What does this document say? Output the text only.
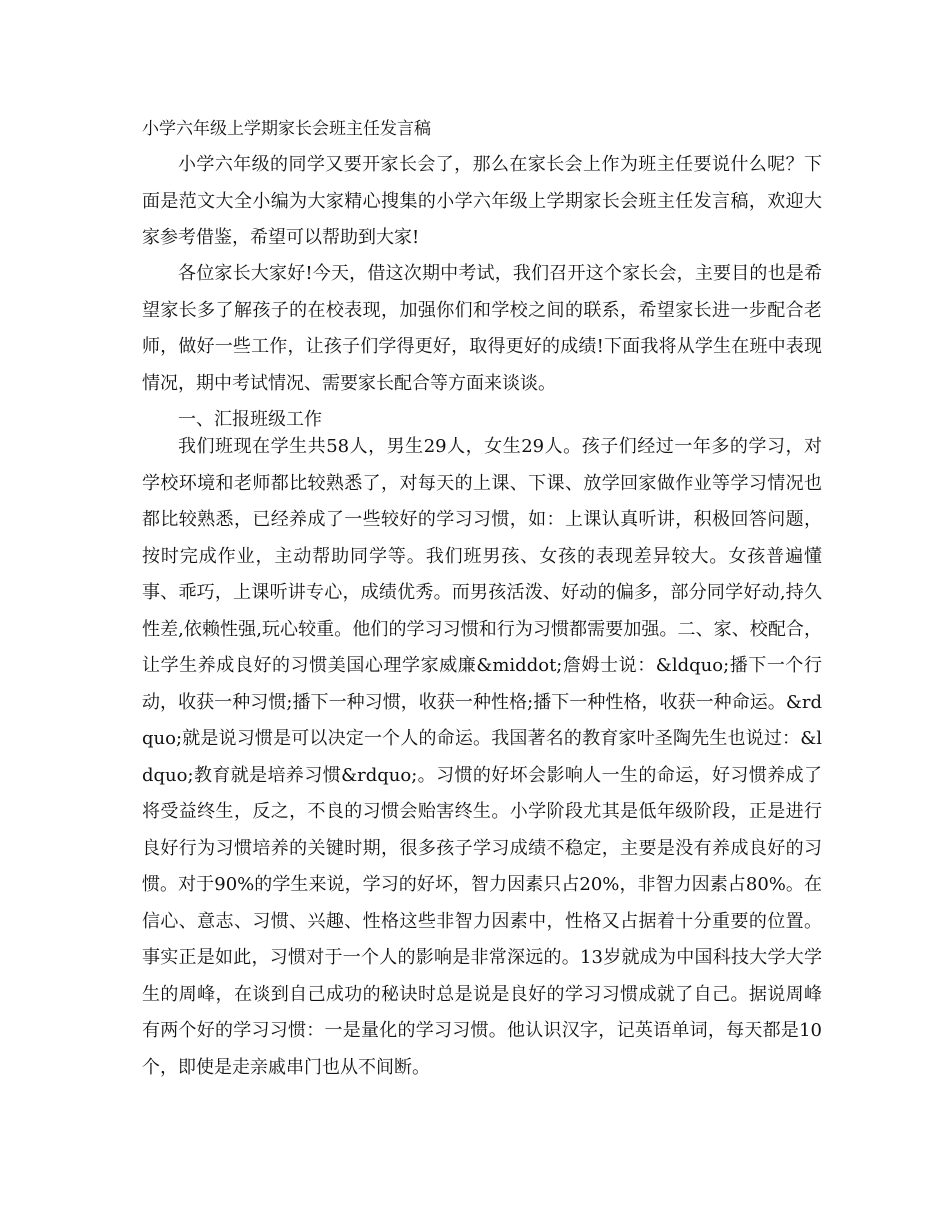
小学六年级上学期家长会班主任发言稿

小学六年级的同学又要开家长会了，那么在家长会上作为班主任要说什么呢？下面是范文大全小编为大家精心搜集的小学六年级上学期家长会班主任发言稿，欢迎大家参考借鉴，希望可以帮助到大家!

各位家长大家好!今天，借这次期中考试，我们召开这个家长会，主要目的也是希望家长多了解孩子的在校表现，加强你们和学校之间的联系，希望家长进一步配合老师，做好一些工作，让孩子们学得更好，取得更好的成绩!下面我将从学生在班中表现情况，期中考试情况、需要家长配合等方面来谈谈。

一、汇报班级工作

我们班现在学生共58人，男生29人，女生29人。孩子们经过一年多的学习，对学校环境和老师都比较熟悉了，对每天的上课、下课、放学回家做作业等学习情况也都比较熟悉，已经养成了一些较好的学习习惯，如：上课认真听讲，积极回答问题，按时完成作业，主动帮助同学等。我们班男孩、女孩的表现差异较大。女孩普遍懂事、乖巧，上课听讲专心，成绩优秀。而男孩活泼、好动的偏多，部分同学好动,持久性差,依赖性强,玩心较重。他们的学习习惯和行为习惯都需要加强。二、家、校配合，让学生养成良好的习惯美国心理学家威廉&middot;詹姆士说：&ldquo;播下一个行动，收获一种习惯;播下一种习惯，收获一种性格;播下一种性格，收获一种命运。&rdquo;就是说习惯是可以决定一个人的命运。我国著名的教育家叶圣陶先生也说过：&ldquo;教育就是培养习惯&rdquo;。习惯的好坏会影响人一生的命运，好习惯养成了将受益终生，反之，不良的习惯会贻害终生。小学阶段尤其是低年级阶段，正是进行良好行为习惯培养的关键时期，很多孩子学习成绩不稳定，主要是没有养成良好的习惯。对于90%的学生来说，学习的好坏，智力因素只占20%，非智力因素占80%。在信心、意志、习惯、兴趣、性格这些非智力因素中，性格又占据着十分重要的位置。事实正是如此，习惯对于一个人的影响是非常深远的。13岁就成为中国科技大学大学生的周峰，在谈到自己成功的秘诀时总是说是良好的学习习惯成就了自己。据说周峰有两个好的学习习惯：一是量化的学习习惯。他认识汉字，记英语单词，每天都是10个，即使是走亲戚串门也从不间断。
